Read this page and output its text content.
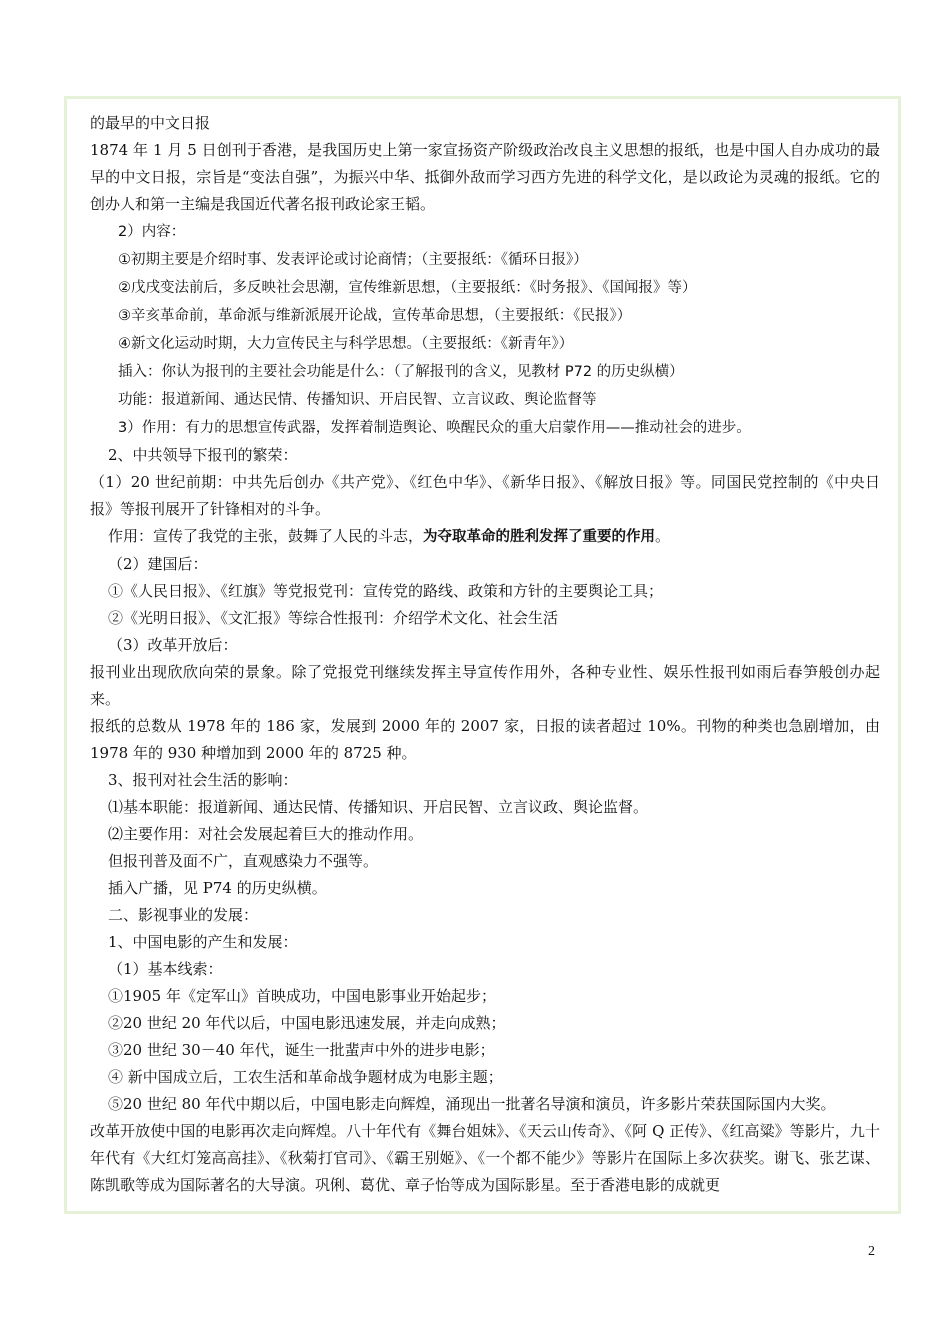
的最早的中文日报

1874 年 1 月 5 日创刊于香港，是我国历史上第一家宣扬资产阶级政治改良主义思想的报纸，也是中国人自办成功的最早的中文日报，宗旨是“变法自强”，为振兴中华、抵御外敌而学习西方先进的科学文化，是以政论为灵魂的报纸。它的创办人和第一主编是我国近代著名报刊政论家王韬。

2）内容：

①初期主要是介绍时事、发表评论或讨论商情；（主要报纸：《循环日报》）

②戊戌变法前后，多反映社会思潮，宣传维新思想，（主要报纸：《时务报》、《国闻报》等）

③辛亥革命前，革命派与维新派展开论战，宣传革命思想，（主要报纸：《民报》）

④新文化运动时期，大力宣传民主与科学思想。（主要报纸：《新青年》）

插入：你认为报刊的主要社会功能是什么：（了解报刊的含义，见教材 P72 的历史纵横）

功能：报道新闻、通达民情、传播知识、开启民智、立言议政、舆论监督等

3）作用：有力的思想宣传武器，发挥着制造舆论、唤醒民众的重大启蒙作用——推动社会的进步。

2、中共领导下报刊的繁荣：

（1）20 世纪前期：中共先后创办《共产党》、《红色中华》、《新华日报》、《解放日报》等。同国民党控制的《中央日报》等报刊展开了针锋相对的斗争。

作用：宣传了我党的主张，鼓舞了人民的斗志，为夺取革命的胜利发挥了重要的作用。

（2）建国后：

①《人民日报》、《红旗》等党报党刊：宣传党的路线、政策和方针的主要舆论工具；

②《光明日报》、《文汇报》等综合性报刊：介绍学术文化、社会生活

（3）改革开放后：

报刊业出现欣欣向荣的景象。除了党报党刊继续发挥主导宣传作用外，各种专业性、娱乐性报刊如雨后春笋般创办起来。

报纸的总数从 1978 年的 186 家，发展到 2000 年的 2007 家，日报的读者超过 10%。刊物的种类也急剧增加，由 1978 年的 930 种增加到 2000 年的 8725 种。

3、报刊对社会生活的影响：

⑴基本职能：报道新闻、通达民情、传播知识、开启民智、立言议政、舆论监督。

⑵主要作用：对社会发展起着巨大的推动作用。

但报刊普及面不广，直观感染力不强等。

插入广播，见 P74 的历史纵横。

二、影视事业的发展：

1、中国电影的产生和发展：

（1）基本线索：

①1905 年《定军山》首映成功，中国电影事业开始起步；

②20 世纪 20 年代以后，中国电影迅速发展，并走向成熟；

③20 世纪 30－40 年代，诞生一批蜚声中外的进步电影；

④ 新中国成立后，工农生活和革命战争题材成为电影主题；

⑤20 世纪 80 年代中期以后，中国电影走向辉煌，涌现出一批著名导演和演员，许多影片荣获国际国内大奖。

改革开放使中国的电影再次走向辉煌。八十年代有《舞台姐妹》、《天云山传奇》、《阿 Q 正传》、《红高粱》等影片，九十年代有《大红灯笼高高挂》、《秋菊打官司》、《霸王别姬》、《一个都不能少》等影片在国际上多次获奖。谢飞、张艺谋、陈凯歌等成为国际著名的大导演。巩俐、葛优、章子怡等成为国际影星。至于香港电影的成就更

2
